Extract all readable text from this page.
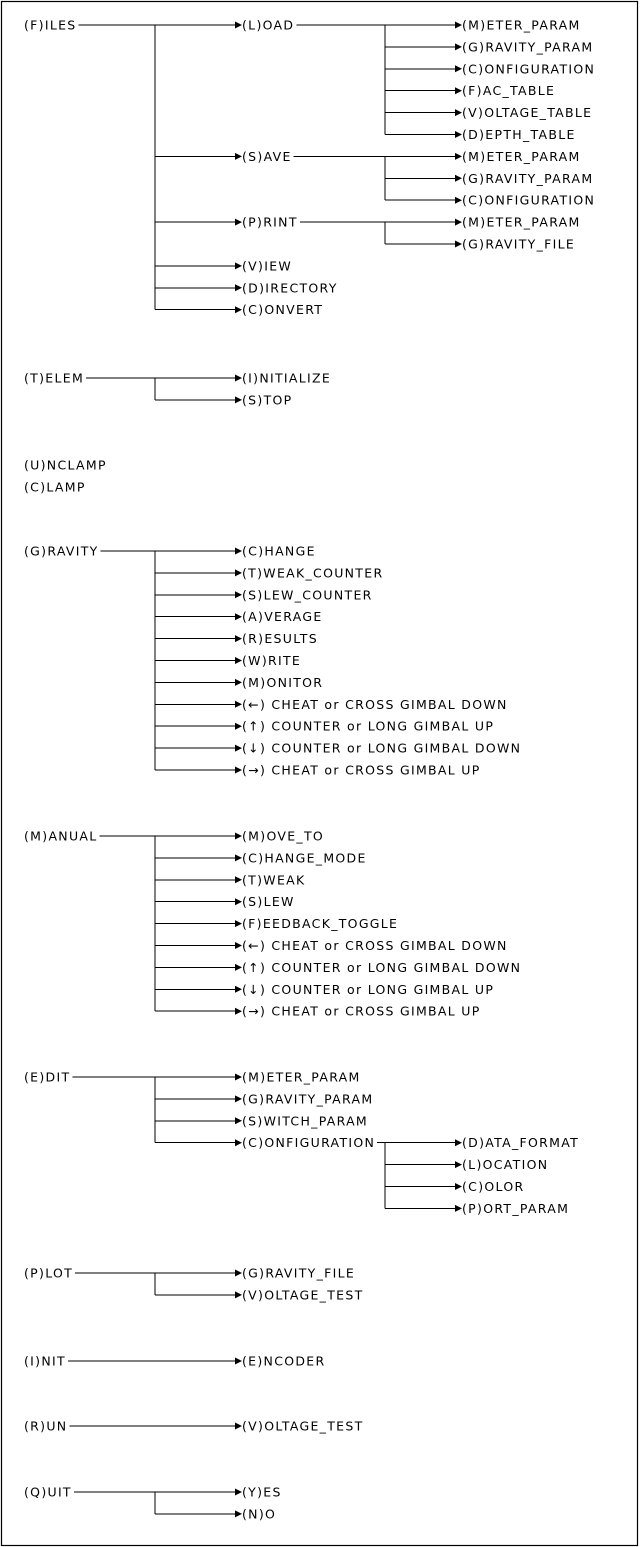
(F)ILES	(L)OAD	(M)ETER_PARAM
(G)RAVITY_PARAM
(C)ONFIGURATION
(F)AC_TABLE
(V)OLTAGE_TABLE
(D)EPTH_TABLE
(S)AVE	(M)ETER_PARAM
(G)RAVITY_PARAM
(C)ONFIGURATION
(P)RINT	(M)ETER_PARAM
(G)RAVITY_FILE
(V)IEW
(D)IRECTORY
(C)ONVERT
(T)ELEM	(I)NITIALIZE
(S)TOP
(U)NCLAMP
(C)LAMP
(G)RAVITY	(C)HANGE
(T)WEAK_COUNTER
(S)LEW_COUNTER
(A)VERAGE
(R)ESULTS
(W)RITE
(M)ONITOR
(←) CHEAT or CROSS GIMBAL DOWN
(↑) COUNTER or LONG GIMBAL UP
(↓) COUNTER or LONG GIMBAL DOWN
(→) CHEAT or CROSS GIMBAL UP
(M)ANUAL	(M)OVE_TO
(C)HANGE_MODE
(T)WEAK
(S)LEW
(F)EEDBACK_TOGGLE
(←) CHEAT or CROSS GIMBAL DOWN
(↑) COUNTER or LONG GIMBAL DOWN
(↓) COUNTER or LONG GIMBAL UP
(→) CHEAT or CROSS GIMBAL UP
(E)DIT	(M)ETER_PARAM
(G)RAVITY_PARAM
(S)WITCH_PARAM
(C)ONFIGURATION	(D)ATA_FORMAT
(L)OCATION
(C)OLOR
(P)ORT_PARAM
(P)LOT	(G)RAVITY_FILE
(V)OLTAGE_TEST
(I)NIT	(E)NCODER
(R)UN	(V)OLTAGE_TEST
(Q)UIT	(Y)ES
(N)O
